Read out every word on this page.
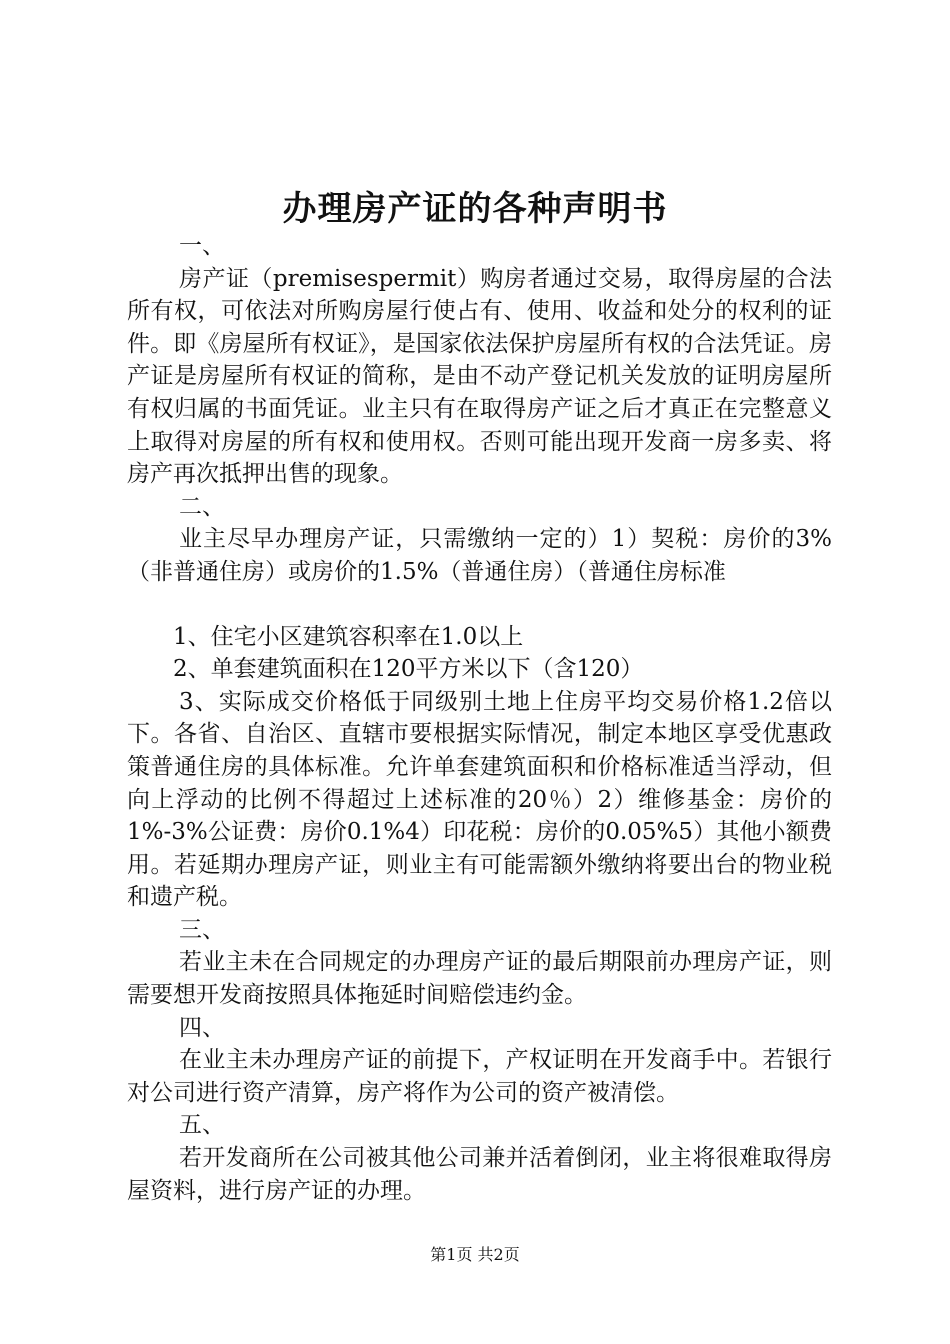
办理房产证的各种声明书

一、

房产证（premisespermit）购房者通过交易，取得房屋的合法所有权，可依法对所购房屋行使占有、使用、收益和处分的权利的证件。即《房屋所有权证》，是国家依法保护房屋所有权的合法凭证。房产证是房屋所有权证的简称，是由不动产登记机关发放的证明房屋所有权归属的书面凭证。业主只有在取得房产证之后才真正在完整意义上取得对房屋的所有权和使用权。否则可能出现开发商一房多卖、将房产再次抵押出售的现象。

二、

业主尽早办理房产证，只需缴纳一定的）1）契税：房价的3%（非普通住房）或房价的1.5%（普通住房）（普通住房标准

1、住宅小区建筑容积率在1.0以上

2、单套建筑面积在120平方米以下（含120）

3、实际成交价格低于同级别土地上住房平均交易价格1.2倍以下。各省、自治区、直辖市要根据实际情况，制定本地区享受优惠政策普通住房的具体标准。允许单套建筑面积和价格标准适当浮动，但向上浮动的比例不得超过上述标准的20％）2）维修基金：房价的1%-3%公证费：房价0.1%4）印花税：房价的0.05%5）其他小额费用。若延期办理房产证，则业主有可能需额外缴纳将要出台的物业税和遗产税。

三、

若业主未在合同规定的办理房产证的最后期限前办理房产证，则需要想开发商按照具体拖延时间赔偿违约金。

四、

在业主未办理房产证的前提下，产权证明在开发商手中。若银行对公司进行资产清算，房产将作为公司的资产被清偿。

五、

若开发商所在公司被其他公司兼并活着倒闭，业主将很难取得房屋资料，进行房产证的办理。

第1页 共2页
